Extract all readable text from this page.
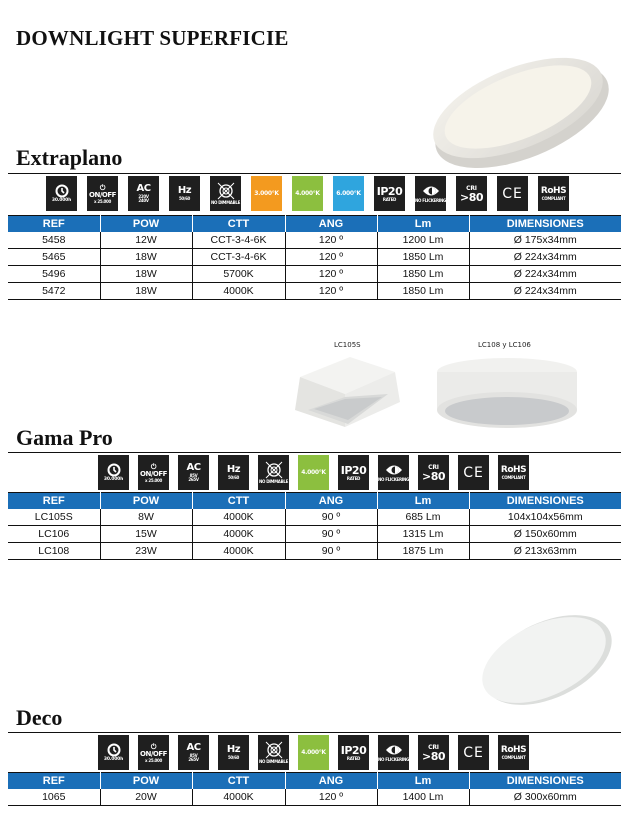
DOWNLIGHT SUPERFICIE
Extraplano
30.000h
⏻
ON/OFF
x 25.000
AC
220V
240V
Hz
50/60
NO DIMMABLE
3.000°K	4.000°K	6.000°K IP20
RATED	NO FLICKERING
CRI
>80 CE RoHS
COMPLIANT
REF	POW	CTT	ANG	Lm	DIMENSIONES
5458	12W	CCT-3-4-6K	120 º	1200 Lm	Ø 175x34mm
5465	18W	CCT-3-4-6K	120 º	1850 Lm	Ø 224x34mm
5496	18W	5700K	120 º	1850 Lm	Ø 224x34mm
5472	18W	4000K	120 º	1850 Lm	Ø 224x34mm
LC105S	LC108 y LC106
Gama Pro
30.000h
⏻
ON/OFF
x 25.000
AC
85V
265V
Hz
50/60
NO DIMMABLE
4.000°K IP20
RATED	NO FLICKERING
CRI
>80 CE RoHS
COMPLIANT
REF	POW	CTT	ANG	Lm	DIMENSIONES
LC105S	8W	4000K	90 º	685 Lm	104x104x56mm
LC106	15W	4000K	90 º	1315 Lm	Ø 150x60mm
LC108	23W	4000K	90 º	1875 Lm	Ø 213x63mm
Deco
30.000h
⏻
ON/OFF
x 25.000
AC
85V
265V
Hz
50/60
NO DIMMABLE
4.000°K IP20
RATED	NO FLICKERING
CRI
>80 CE RoHS
COMPLIANT
REF	POW	CTT	ANG	Lm	DIMENSIONES
1065	20W	4000K	120 º	1400 Lm	Ø 300x60mm
